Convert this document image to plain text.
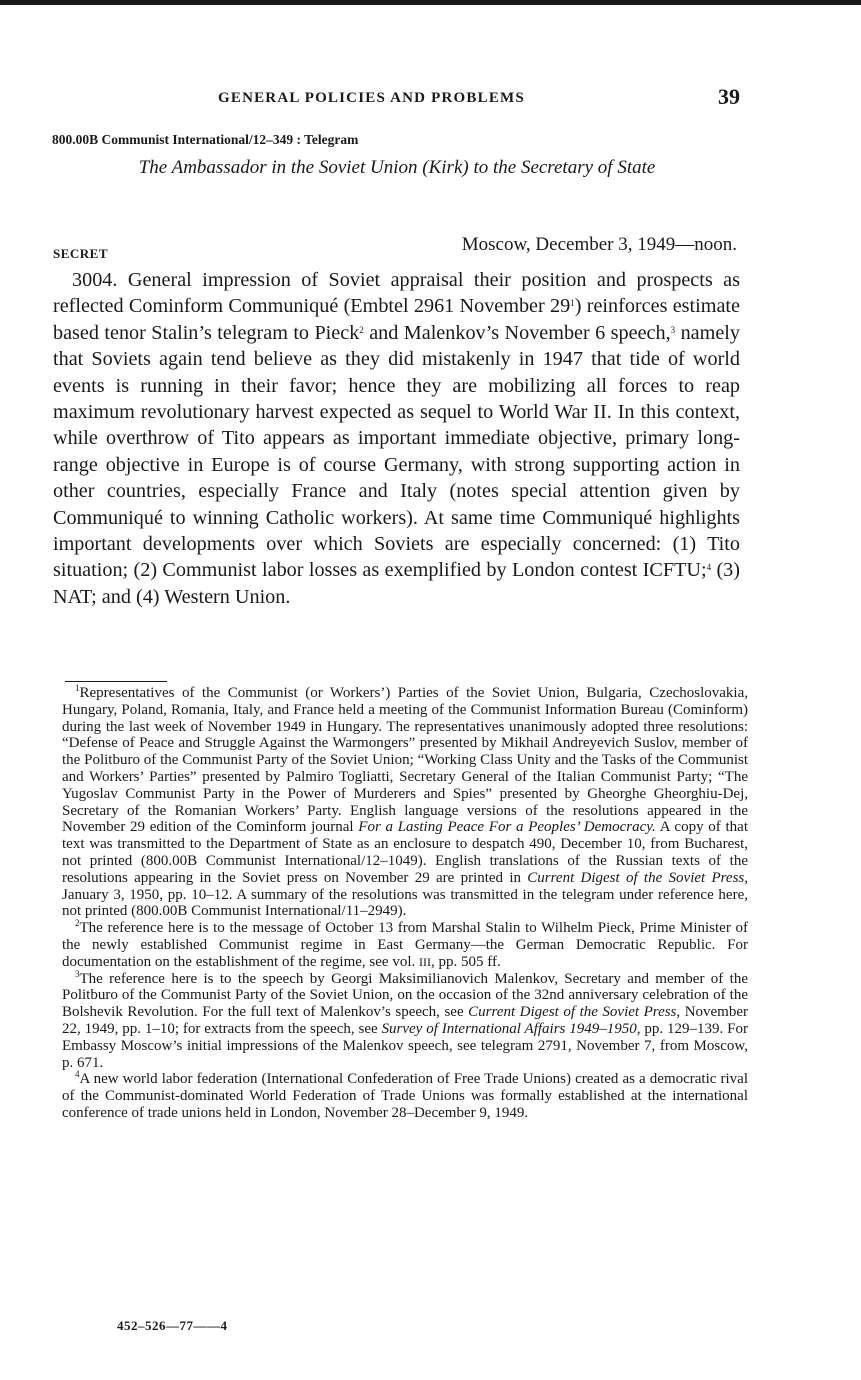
GENERAL POLICIES AND PROBLEMS	39
800.00B Communist International/12–349 : Telegram
The Ambassador in the Soviet Union (Kirk) to the Secretary of State
SECRET	Moscow, December 3, 1949—noon.
3004. General impression of Soviet appraisal their position and prospects as reflected Cominform Communiqué (Embtel 2961 November $29^1$) reinforces estimate based tenor Stalin’s telegram to Pieck$^2$ and Malenkov’s November 6 speech,$^3$ namely that Soviets again tend believe as they did mistakenly in 1947 that tide of world events is running in their favor; hence they are mobilizing all forces to reap maximum revolutionary harvest expected as sequel to World War II. In this context, while overthrow of Tito appears as important immediate objective, primary long-range objective in Europe is of course Germany, with strong supporting action in other countries, especially France and Italy (notes special attention given by Communiqué to winning Catholic workers). At same time Communiqué highlights important developments over which Soviets are especially concerned: (1) Tito situation; (2) Communist labor losses as exemplified by London contest ICFTU;$^4$ (3) NAT; and (4) Western Union.

$^1$Representatives of the Communist (or Workers’) Parties of the Soviet Union, Bulgaria, Czechoslovakia, Hungary, Poland, Romania, Italy, and France held a meeting of the Communist Information Bureau (Cominform) during the last week of November 1949 in Hungary. The representatives unanimously adopted three resolutions: “Defense of Peace and Struggle Against the Warmongers” presented by Mikhail Andreyevich Suslov, member of the Politburo of the Communist Party of the Soviet Union; “Working Class Unity and the Tasks of the Communist and Workers’ Parties” presented by Palmiro Togliatti, Secretary General of the Italian Communist Party; “The Yugoslav Communist Party in the Power of Murderers and Spies” presented by Gheorghe Gheorghiu-Dej, Secretary of the Romanian Workers’ Party. English language versions of the resolutions appeared in the November 29 edition of the Cominform journal For a Lasting Peace For a Peoples’ Democracy. A copy of that text was transmitted to the Department of State as an enclosure to despatch 490, December 10, from Bucharest, not printed (800.00B Communist International/12–1049). English translations of the Russian texts of the resolutions appearing in the Soviet press on November 29 are printed in Current Digest of the Soviet Press, January 3, 1950, pp. 10–12. A summary of the resolutions was transmitted in the telegram under reference here, not printed (800.00B Communist International/11–2949).

$^2$The reference here is to the message of October 13 from Marshal Stalin to Wilhelm Pieck, Prime Minister of the newly established Communist regime in East Germany—the German Democratic Republic. For documentation on the establishment of the regime, see vol. III, pp. 505 ff.

$^3$The reference here is to the speech by Georgi Maksimilianovich Malenkov, Secretary and member of the Politburo of the Communist Party of the Soviet Union, on the occasion of the 32nd anniversary celebration of the Bolshevik Revolution. For the full text of Malenkov’s speech, see Current Digest of the Soviet Press, November 22, 1949, pp. 1–10; for extracts from the speech, see Survey of International Affairs 1949–1950, pp. 129–139. For Embassy Moscow’s initial impressions of the Malenkov speech, see telegram 2791, November 7, from Moscow, p. 671.

$^4$A new world labor federation (International Confederation of Free Trade Unions) created as a democratic rival of the Communist-dominated World Federation of Trade Unions was formally established at the international conference of trade unions held in London, November 28–December 9, 1949.

452–526—77——4
